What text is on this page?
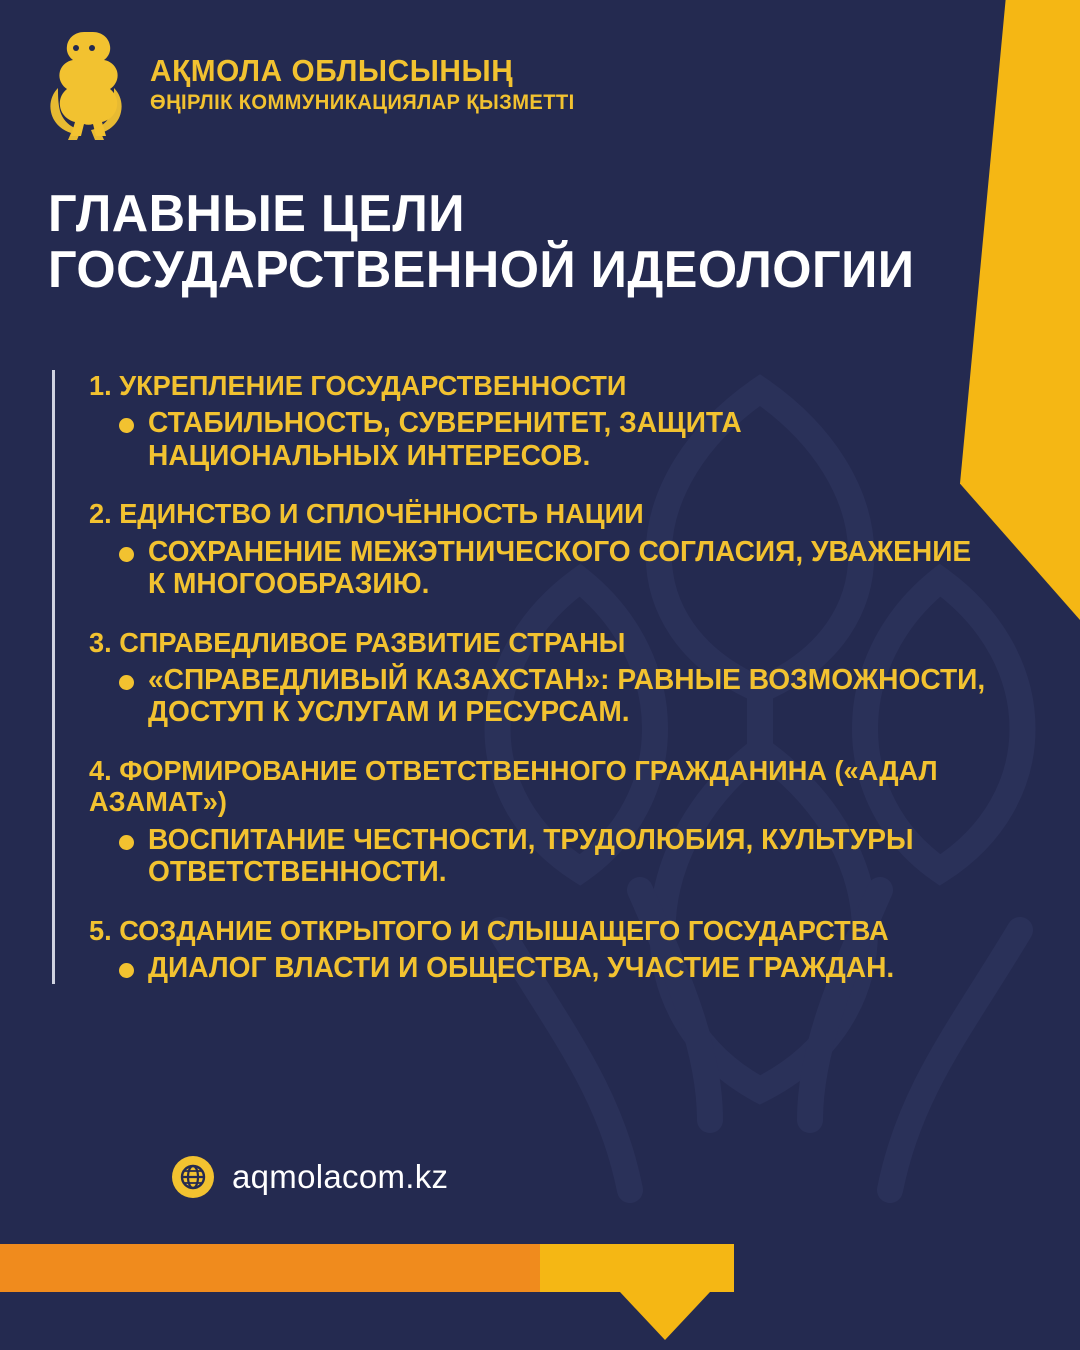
АҚМОЛА ОБЛЫСЫНЫҢ
ӨҢІРЛІК КОММУНИКАЦИЯЛАР ҚЫЗМЕТТІ
ГЛАВНЫЕ ЦЕЛИ ГОСУДАРСТВЕННОЙ ИДЕОЛОГИИ
1. УКРЕПЛЕНИЕ ГОСУДАРСТВЕННОСТИ
СТАБИЛЬНОСТЬ, СУВЕРЕНИТЕТ, ЗАЩИТА НАЦИОНАЛЬНЫХ ИНТЕРЕСОВ.
2. ЕДИНСТВО И СПЛОЧЁННОСТЬ НАЦИИ
СОХРАНЕНИЕ МЕЖЭТНИЧЕСКОГО СОГЛАСИЯ, УВАЖЕНИЕ К МНОГООБРАЗИЮ.
3. СПРАВЕДЛИВОЕ РАЗВИТИЕ СТРАНЫ
«СПРАВЕДЛИВЫЙ КАЗАХСТАН»: РАВНЫЕ ВОЗМОЖНОСТИ, ДОСТУП К УСЛУГАМ И РЕСУРСАМ.
4. ФОРМИРОВАНИЕ ОТВЕТСТВЕННОГО ГРАЖДАНИНА («АДАЛ АЗАМАТ»)
ВОСПИТАНИЕ ЧЕСТНОСТИ, ТРУДОЛЮБИЯ, КУЛЬТУРЫ ОТВЕТСТВЕННОСТИ.
5. СОЗДАНИЕ ОТКРЫТОГО И СЛЫШАЩЕГО ГОСУДАРСТВА
ДИАЛОГ ВЛАСТИ И ОБЩЕСТВА, УЧАСТИЕ ГРАЖДАН.
aqmolacom.kz
